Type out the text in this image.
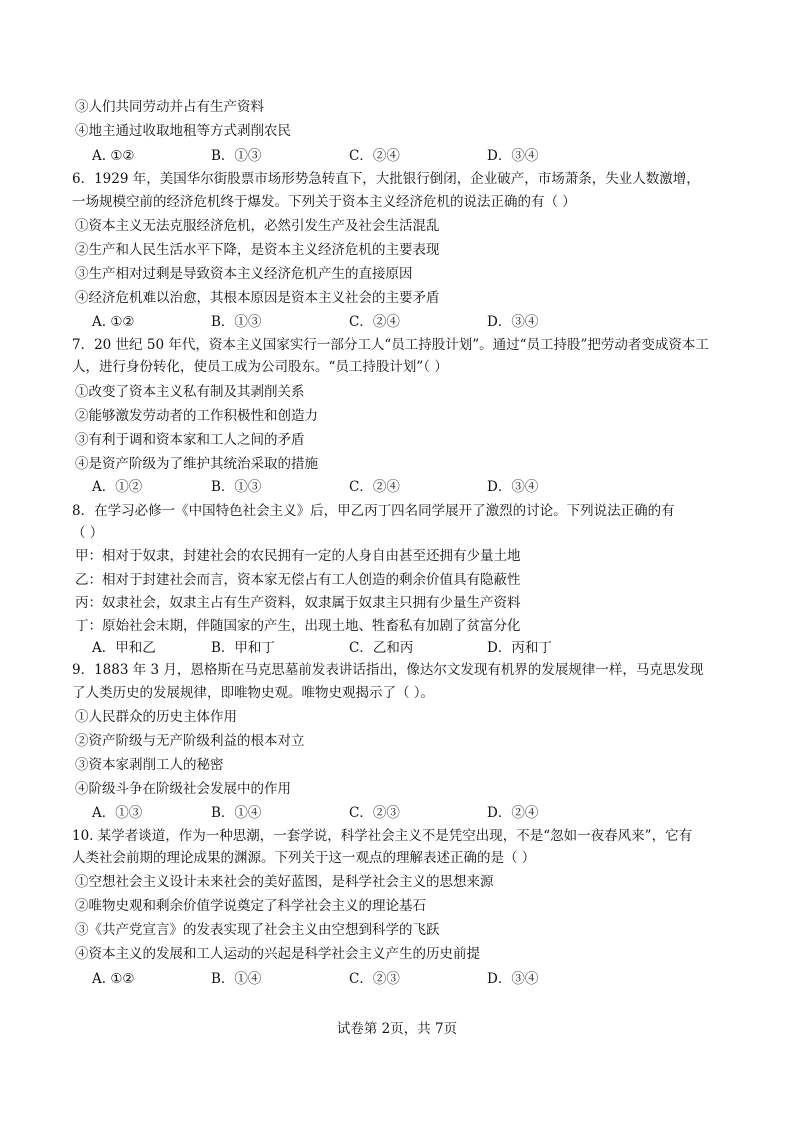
③人们共同劳动并占有生产资料
④地主通过收取地租等方式剥削农民
A. ①②	B．①③	C．②④	D．③④
6．1929 年，美国华尔街股票市场形势急转直下，大批银行倒闭，企业破产，市场萧条，失业人数激增，
一场规模空前的经济危机终于爆发。下列关于资本主义经济危机的说法正确的有（ ）
①资本主义无法克服经济危机，必然引发生产及社会生活混乱
②生产和人民生活水平下降，是资本主义经济危机的主要表现
③生产相对过剩是导致资本主义经济危机产生的直接原因
④经济危机难以治愈，其根本原因是资本主义社会的主要矛盾
A. ①②	B．①③	C．②④	D．③④
7．20 世纪 50 年代，资本主义国家实行一部分工人“员工持股计划”。通过“员工持股”把劳动者变成资本工
人，进行身份转化，使员工成为公司股东。“员工持股计划”（ ）
①改变了资本主义私有制及其剥削关系
②能够激发劳动者的工作积极性和创造力
③有利于调和资本家和工人之间的矛盾
④是资产阶级为了维护其统治采取的措施
A．①②	B．①③	C．②④	D．③④
8．在学习必修一《中国特色社会主义》后，甲乙丙丁四名同学展开了激烈的讨论。下列说法正确的有
（ ）
甲：相对于奴隶，封建社会的农民拥有一定的人身自由甚至还拥有少量土地
乙：相对于封建社会而言，资本家无偿占有工人创造的剩余价值具有隐蔽性
丙：奴隶社会，奴隶主占有生产资料，奴隶属于奴隶主只拥有少量生产资料
丁：原始社会末期，伴随国家的产生，出现土地、牲畜私有加剧了贫富分化
A．甲和乙	B．甲和丁	C．乙和丙	D．丙和丁
9．1883 年 3 月，恩格斯在马克思墓前发表讲话指出，像达尔文发现有机界的发展规律一样，马克思发现
了人类历史的发展规律，即唯物史观。唯物史观揭示了（ ）。
①人民群众的历史主体作用
②资产阶级与无产阶级利益的根本对立
③资本家剥削工人的秘密
④阶级斗争在阶级社会发展中的作用
A．①③	B．①④	C．②③	D．②④
10. 某学者谈道，作为一种思潮，一套学说，科学社会主义不是凭空出现，不是“忽如一夜春风来”，它有
人类社会前期的理论成果的渊源。下列关于这一观点的理解表述正确的是（ ）
①空想社会主义设计未来社会的美好蓝图，是科学社会主义的思想来源
②唯物史观和剩余价值学说奠定了科学社会主义的理论基石
③《共产党宣言》的发表实现了社会主义由空想到科学的飞跃
④资本主义的发展和工人运动的兴起是科学社会主义产生的历史前提
A. ①②	B．①④	C．②③	D．③④
试卷第 2页，共 7页
